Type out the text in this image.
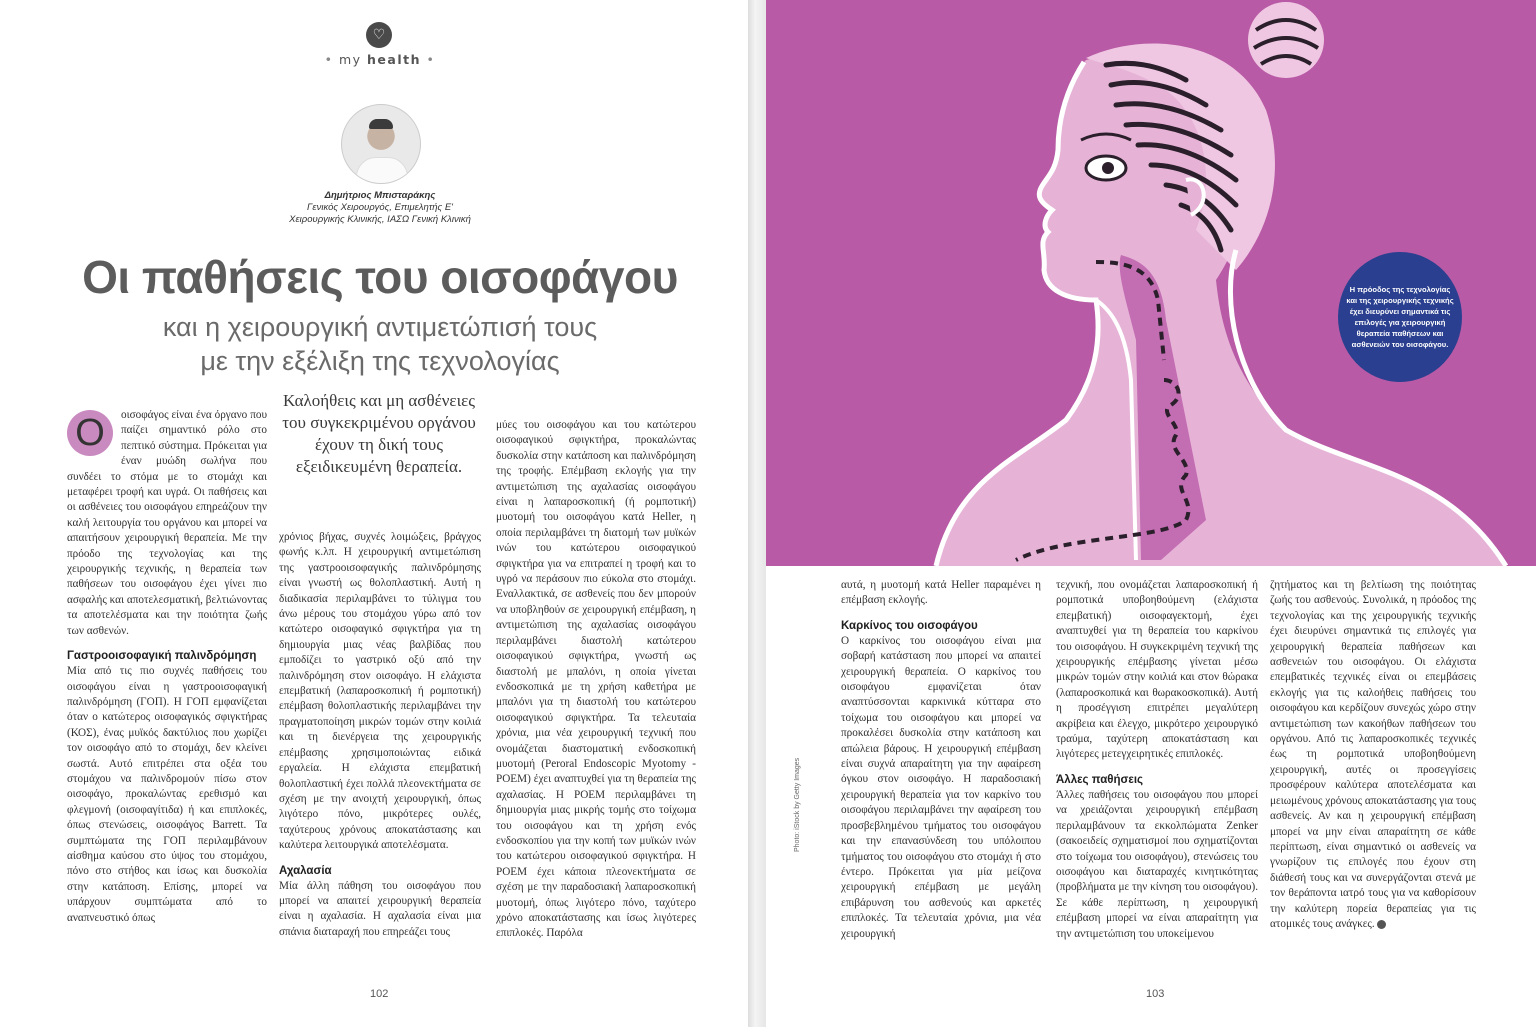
♡
• my health •
Δημήτριος Μπισταράκης
Γενικός Χειρουργός, Επιμελητής Ε'
Χειρουργικής Κλινικής, ΙΑΣΩ Γενική Κλινική
Οι παθήσεις του οισοφάγου
και η χειρουργική αντιμετώπισή τους
με την εξέλιξη της τεχνολογίας

Ο	οισοφάγος είναι ένα όργανο που παίζει σημαντικό ρόλο στο πεπτικό σύστημα. Πρόκειται για έναν μυώδη σωλήνα που συνδέει το στόμα με το στομάχι και μεταφέρει τροφή και υγρά. Οι παθήσεις και οι ασθένειες του οισοφάγου επηρεάζουν την καλή λειτουργία του οργάνου και μπορεί να απαιτήσουν χειρουργική θεραπεία. Με την πρόοδο της τεχνολογίας και της χειρουργικής τεχνικής, η θεραπεία των παθήσεων του οισοφάγου έχει γίνει πιο ασφαλής και αποτελεσματική, βελτιώνοντας τα αποτελέσματα και την ποιότητα ζωής των ασθενών.

Γαστροοισοφαγική παλινδρόμηση

Μία από τις πιο συχνές παθήσεις του οισοφάγου είναι η γαστροοισοφαγική παλινδρόμηση (ΓΟΠ). Η ΓΟΠ εμφανίζεται όταν ο κατώτερος οισοφαγικός σφιγκτήρας (ΚΟΣ), ένας μυϊκός δακτύλιος που χωρίζει τον οισοφάγο από το στομάχι, δεν κλείνει σωστά. Αυτό επιτρέπει στα οξέα του στομάχου να παλινδρομούν πίσω στον οισοφάγο, προκαλώντας ερεθισμό και φλεγμονή (οισοφαγίτιδα) ή και επιπλοκές, όπως στενώσεις, οισοφάγος Barrett. Τα συμπτώματα της ΓΟΠ περιλαμβάνουν αίσθημα καύσου στο ύψος του στομάχου, πόνο στο στήθος και ίσως και δυσκολία στην κατάποση. Επίσης, μπορεί να υπάρχουν συμπτώματα από το αναπνευστικό όπως

Καλοήθεις και μη ασθένειες του συγκεκριμένου οργάνου έχουν τη δική τους εξειδικευμένη θεραπεία.

χρόνιος βήχας, συχνές λοιμώξεις, βράγχος φωνής κ.λπ. Η χειρουργική αντιμετώπιση της γαστροοισοφαγικής παλινδρόμησης είναι γνωστή ως θολοπλαστική. Αυτή η διαδικασία περιλαμβάνει το τύλιγμα του άνω μέρους του στομάχου γύρω από τον κατώτερο οισοφαγικό σφιγκτήρα για τη δημιουργία μιας νέας βαλβίδας που εμποδίζει το γαστρικό οξύ από την παλινδρόμηση στον οισοφάγο. Η ελάχιστα επεμβατική (λαπαροσκοπική ή ρομποτική) επέμβαση θολοπλαστικής περιλαμβάνει την πραγματοποίηση μικρών τομών στην κοιλιά και τη διενέργεια της χειρουργικής επέμβασης χρησιμοποιώντας ειδικά εργαλεία. Η ελάχιστα επεμβατική θολοπλαστική έχει πολλά πλεονεκτήματα σε σχέση με την ανοιχτή χειρουργική, όπως λιγότερο πόνο, μικρότερες ουλές, ταχύτερους χρόνους αποκατάστασης και καλύτερα λειτουργικά αποτελέσματα.

Αχαλασία

Μία άλλη πάθηση του οισοφάγου που μπορεί να απαιτεί χειρουργική θεραπεία είναι η αχαλασία. Η αχαλασία είναι μια σπάνια διαταραχή που επηρεάζει τους

μύες του οισοφάγου και του κατώτερου οισοφαγικού σφιγκτήρα, προκαλώντας δυσκολία στην κατάποση και παλινδρόμηση της τροφής. Επέμβαση εκλογής για την αντιμετώπιση της αχαλασίας οισοφάγου είναι η λαπαροσκοπική (ή ρομποτική) μυοτομή του οισοφάγου κατά Heller, η οποία περιλαμβάνει τη διατομή των μυϊκών ινών του κατώτερου οισοφαγικού σφιγκτήρα για να επιτραπεί η τροφή και το υγρό να περάσουν πιο εύκολα στο στομάχι. Εναλλακτικά, σε ασθενείς που δεν μπορούν να υποβληθούν σε χειρουργική επέμβαση, η αντιμετώπιση της αχαλασίας οισοφάγου περιλαμβάνει διαστολή κατώτερου οισοφαγικού σφιγκτήρα, γνωστή ως διαστολή με μπαλόνι, η οποία γίνεται ενδοσκοπικά με τη χρήση καθετήρα με μπαλόνι για τη διαστολή του κατώτερου οισοφαγικού σφιγκτήρα. Τα τελευταία χρόνια, μια νέα χειρουργική τεχνική που ονομάζεται διαστοματική ενδοσκοπική μυοτομή (Peroral Endoscopic Myotomy - POEM) έχει αναπτυχθεί για τη θεραπεία της αχαλασίας. Η POEM περιλαμβάνει τη δημιουργία μιας μικρής τομής στο τοίχωμα του οισοφάγου και τη χρήση ενός ενδοσκοπίου για την κοπή των μυϊκών ινών του κατώτερου οισοφαγικού σφιγκτήρα. Η POEM έχει κάποια πλεονεκτήματα σε σχέση με την παραδοσιακή λαπαροσκοπική μυοτομή, όπως λιγότερο πόνο, ταχύτερο χρόνο αποκατάστασης και ίσως λιγότερες επιπλοκές. Παρόλα

102
Η πρόοδος της τεχνολογίας και της χειρουργικής τεχνικής έχει διευρύνει σημαντικά τις επιλογές για χειρουργική θεραπεία παθήσεων και ασθενειών του οισοφάγου.
Photo: iStock by Getty Images

αυτά, η μυοτομή κατά Heller παραμένει η επέμβαση εκλογής.

Καρκίνος του οισοφάγου

Ο καρκίνος του οισοφάγου είναι μια σοβαρή κατάσταση που μπορεί να απαιτεί χειρουργική θεραπεία. Ο καρκίνος του οισοφάγου εμφανίζεται όταν αναπτύσσονται καρκινικά κύτταρα στο τοίχωμα του οισοφάγου και μπορεί να προκαλέσει δυσκολία στην κατάποση και απώλεια βάρους. Η χειρουργική επέμβαση είναι συχνά απαραίτητη για την αφαίρεση όγκου στον οισοφάγο. Η παραδοσιακή χειρουργική θεραπεία για τον καρκίνο του οισοφάγου περιλαμβάνει την αφαίρεση του προσβεβλημένου τμήματος του οισοφάγου και την επανασύνδεση του υπόλοιπου τμήματος του οισοφάγου στο στομάχι ή στο έντερο. Πρόκειται για μία μείζονα χειρουργική επέμβαση με μεγάλη επιβάρυνση του ασθενούς και αρκετές επιπλοκές. Τα τελευταία χρόνια, μια νέα χειρουργική

τεχνική, που ονομάζεται λαπαροσκοπική ή ρομποτικά υποβοηθούμενη (ελάχιστα επεμβατική) οισοφαγεκτομή, έχει αναπτυχθεί για τη θεραπεία του καρκίνου του οισοφάγου. Η συγκεκριμένη τεχνική της χειρουργικής επέμβασης γίνεται μέσω μικρών τομών στην κοιλιά και στον θώρακα (λαπαροσκοπικά και θωρακοσκοπικά). Αυτή η προσέγγιση επιτρέπει μεγαλύτερη ακρίβεια και έλεγχο, μικρότερο χειρουργικό τραύμα, ταχύτερη αποκατάσταση και λιγότερες μετεγχειρητικές επιπλοκές.

Άλλες παθήσεις

Άλλες παθήσεις του οισοφάγου που μπορεί να χρειάζονται χειρουργική επέμβαση περιλαμβάνουν τα εκκολπώματα Zenker (σακοειδείς σχηματισμοί που σχηματίζονται στο τοίχωμα του οισοφάγου), στενώσεις του οισοφάγου και διαταραχές κινητικότητας (προβλήματα με την κίνηση του οισοφάγου). Σε κάθε περίπτωση, η χειρουργική επέμβαση μπορεί να είναι απαραίτητη για την αντιμετώπιση του υποκείμενου

ζητήματος και τη βελτίωση της ποιότητας ζωής του ασθενούς. Συνολικά, η πρόοδος της τεχνολογίας και της χειρουργικής τεχνικής έχει διευρύνει σημαντικά τις επιλογές για χειρουργική θεραπεία παθήσεων και ασθενειών του οισοφάγου. Οι ελάχιστα επεμβατικές τεχνικές είναι οι επεμβάσεις εκλογής για τις καλοήθεις παθήσεις του οισοφάγου και κερδίζουν συνεχώς χώρο στην αντιμετώπιση των κακοήθων παθήσεων του οργάνου. Από τις λαπαροσκοπικές τεχνικές έως τη ρομποτικά υποβοηθούμενη χειρουργική, αυτές οι προσεγγίσεις προσφέρουν καλύτερα αποτελέσματα και μειωμένους χρόνους αποκατάστασης για τους ασθενείς. Αν και η χειρουργική επέμβαση μπορεί να μην είναι απαραίτητη σε κάθε περίπτωση, είναι σημαντικό οι ασθενείς να γνωρίζουν τις επιλογές που έχουν στη διάθεσή τους και να συνεργάζονται στενά με τον θεράποντα ιατρό τους για να καθορίσουν την καλύτερη πορεία θεραπείας για τις ατομικές τους ανάγκες.

103
